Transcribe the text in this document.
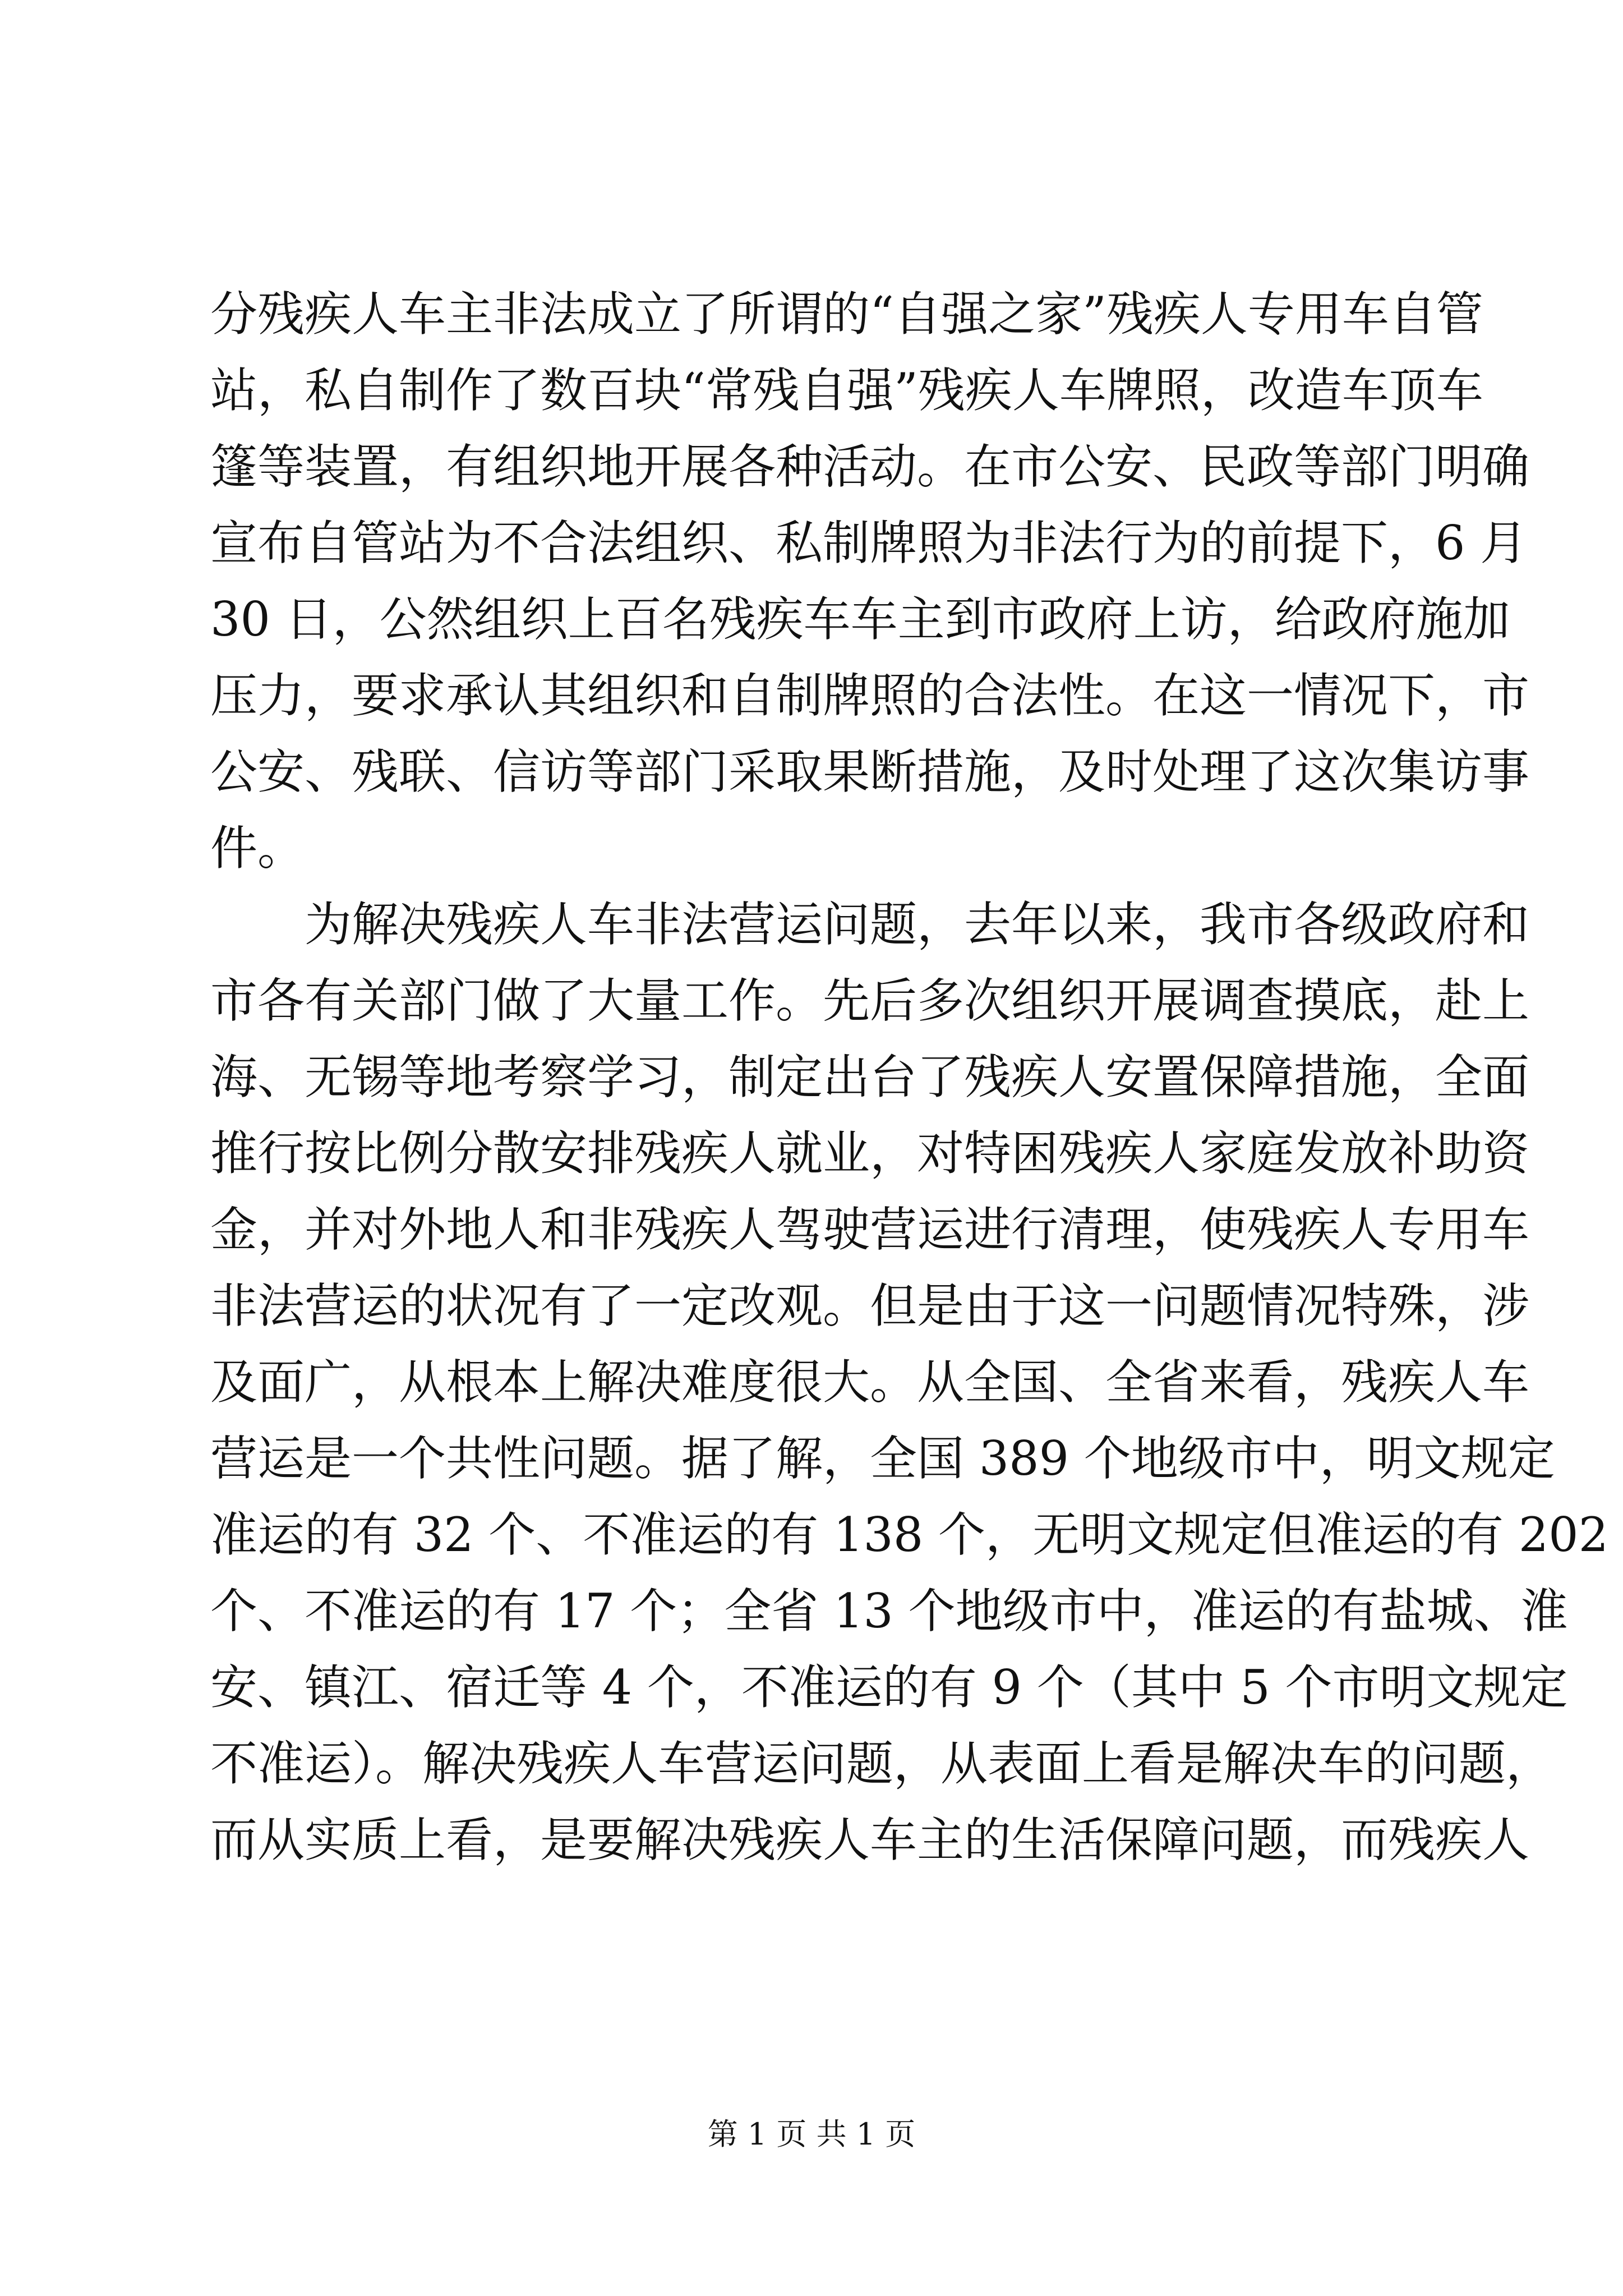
分残疾人车主非法成立了所谓的“自强之家”残疾人专用车自管
站，私自制作了数百块“常残自强”残疾人车牌照，改造车顶车
篷等装置，有组织地开展各种活动。在市公安、民政等部门明确
宣布自管站为不合法组织、私制牌照为非法行为的前提下，6 月
30 日，公然组织上百名残疾车车主到市政府上访，给政府施加
压力，要求承认其组织和自制牌照的合法性。在这一情况下，市
公安、残联、信访等部门采取果断措施，及时处理了这次集访事
件。
为解决残疾人车非法营运问题，去年以来，我市各级政府和
市各有关部门做了大量工作。先后多次组织开展调查摸底，赴上
海、无锡等地考察学习，制定出台了残疾人安置保障措施，全面
推行按比例分散安排残疾人就业，对特困残疾人家庭发放补助资
金，并对外地人和非残疾人驾驶营运进行清理，使残疾人专用车
非法营运的状况有了一定改观。但是由于这一问题情况特殊，涉
及面广，从根本上解决难度很大。从全国、全省来看，残疾人车
营运是一个共性问题。据了解，全国 389 个地级市中，明文规定
准运的有 32 个、不准运的有 138 个，无明文规定但准运的有 202
个、不准运的有 17 个；全省 13 个地级市中，准运的有盐城、淮
安、镇江、宿迁等 4 个，不准运的有 9 个（其中 5 个市明文规定
不准运）。解决残疾人车营运问题，从表面上看是解决车的问题，
而从实质上看，是要解决残疾人车主的生活保障问题，而残疾人
第 1 页 共 1 页
